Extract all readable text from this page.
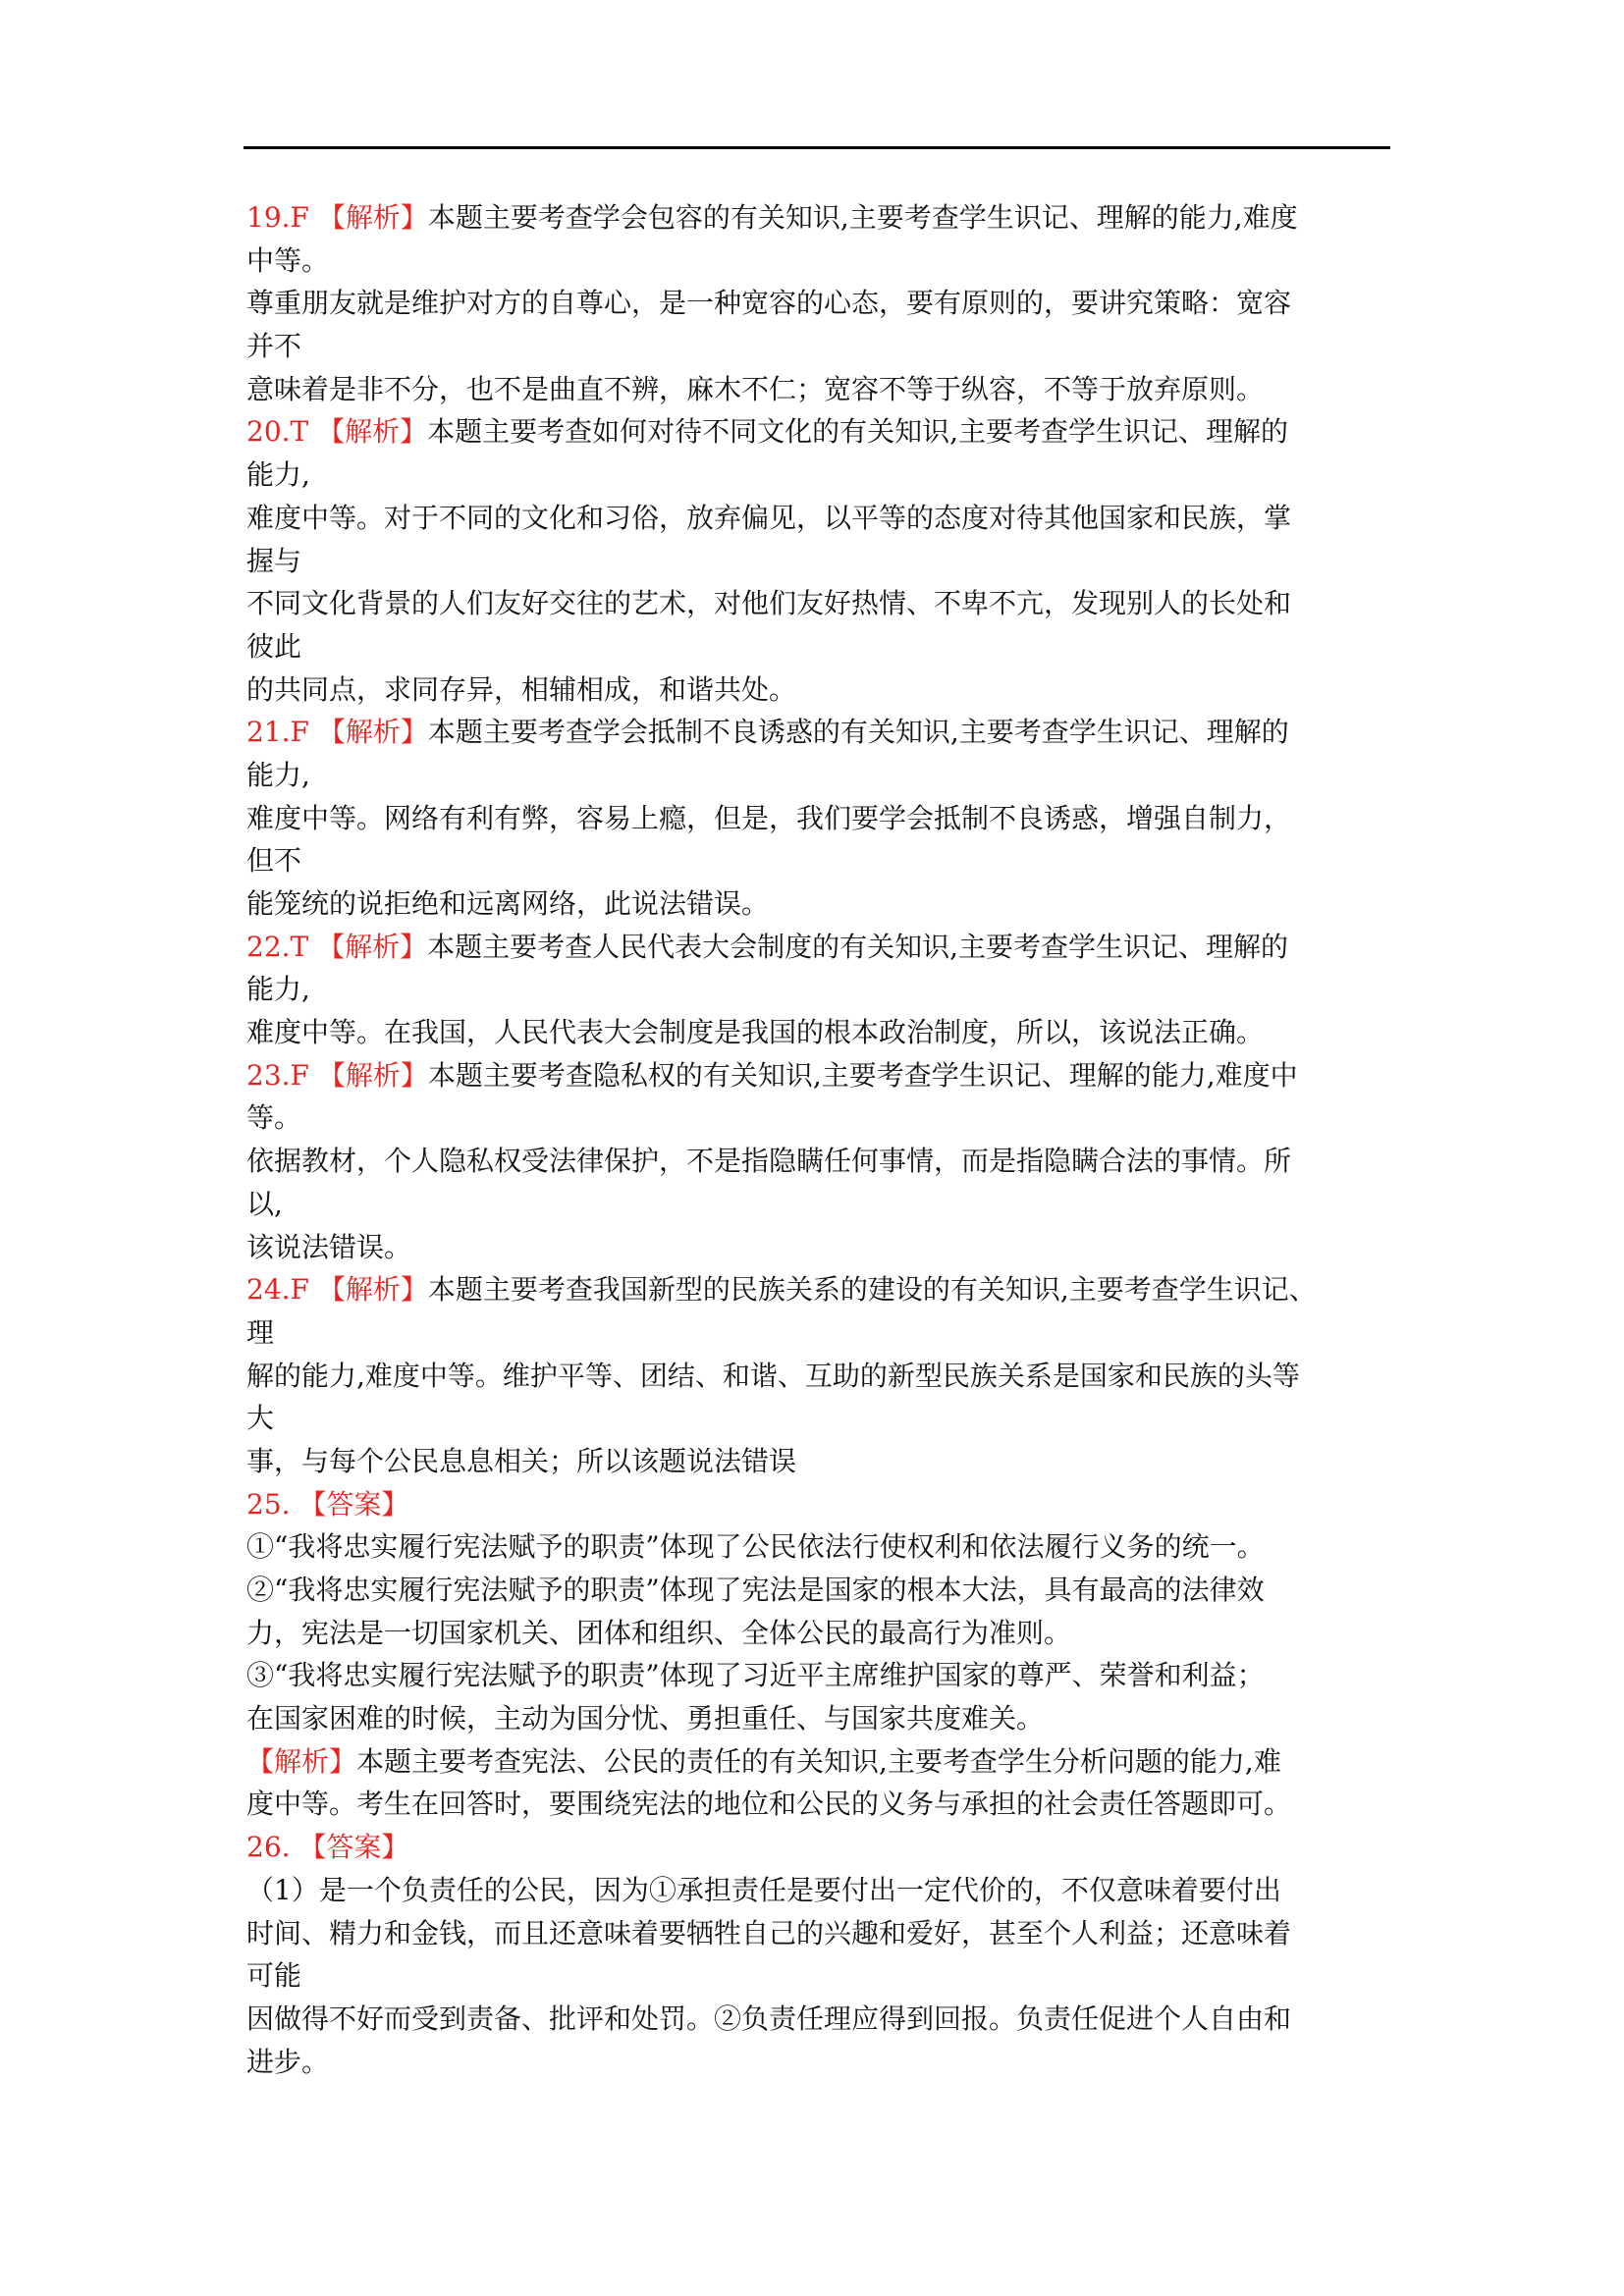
19.F 【解析】本题主要考查学会包容的有关知识,主要考查学生识记、理解的能力,难度
中等。
尊重朋友就是维护对方的自尊心，是一种宽容的心态，要有原则的，要讲究策略：宽容
并不
意味着是非不分，也不是曲直不辨，麻木不仁；宽容不等于纵容，不等于放弃原则。
20.T 【解析】本题主要考查如何对待不同文化的有关知识,主要考查学生识记、理解的
能力,
难度中等。对于不同的文化和习俗，放弃偏见，以平等的态度对待其他国家和民族，掌
握与
不同文化背景的人们友好交往的艺术，对他们友好热情、不卑不亢，发现别人的长处和
彼此
的共同点，求同存异，相辅相成，和谐共处。
21.F 【解析】本题主要考查学会抵制不良诱惑的有关知识,主要考查学生识记、理解的
能力,
难度中等。网络有利有弊，容易上瘾，但是，我们要学会抵制不良诱惑，增强自制力，
但不
能笼统的说拒绝和远离网络，此说法错误。
22.T 【解析】本题主要考查人民代表大会制度的有关知识,主要考查学生识记、理解的
能力,
难度中等。在我国，人民代表大会制度是我国的根本政治制度，所以，该说法正确。
23.F 【解析】本题主要考查隐私权的有关知识,主要考查学生识记、理解的能力,难度中
等。
依据教材，个人隐私权受法律保护，不是指隐瞒任何事情，而是指隐瞒合法的事情。所
以,
该说法错误。
24.F 【解析】本题主要考查我国新型的民族关系的建设的有关知识,主要考查学生识记、
理
解的能力,难度中等。维护平等、团结、和谐、互助的新型民族关系是国家和民族的头等
大
事，与每个公民息息相关；所以该题说法错误
25. 【答案】
①“我将忠实履行宪法赋予的职责”体现了公民依法行使权利和依法履行义务的统一。
②“我将忠实履行宪法赋予的职责”体现了宪法是国家的根本大法，具有最高的法律效
力，宪法是一切国家机关、团体和组织、全体公民的最高行为准则。
③“我将忠实履行宪法赋予的职责”体现了习近平主席维护国家的尊严、荣誉和利益；
在国家困难的时候，主动为国分忧、勇担重任、与国家共度难关。
【解析】本题主要考查宪法、公民的责任的有关知识,主要考查学生分析问题的能力,难
度中等。考生在回答时，要围绕宪法的地位和公民的义务与承担的社会责任答题即可。
26. 【答案】
（1）是一个负责任的公民，因为①承担责任是要付出一定代价的，不仅意味着要付出
时间、精力和金钱，而且还意味着要牺牲自己的兴趣和爱好，甚至个人利益；还意味着
可能
因做得不好而受到责备、批评和处罚。②负责任理应得到回报。负责任促进个人自由和
进步。
